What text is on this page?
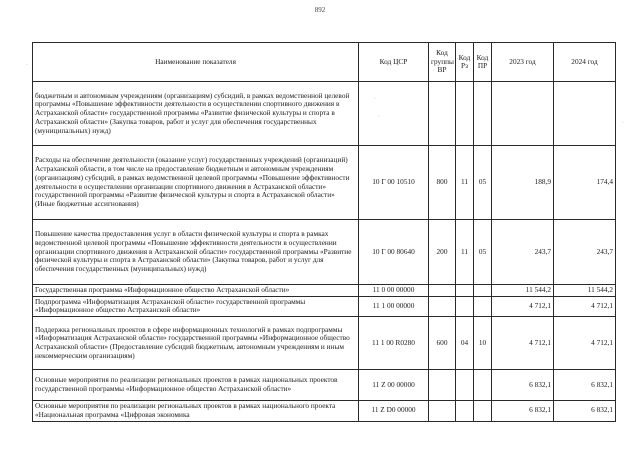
892
Наименование показателя	Код ЦСР	Код группы ВР	Код Рз	Код ПР	2023 год	2024 год
бюджетным и автономным учреждениям (организациям) субсидий, в рамках ведомственной целевой программы «Повышение эффективности деятельности в осуществлении спортивного движения в Астраханской области» государственной программы «Развитие физической культуры и спорта в Астраханской области» (Закупка товаров, работ и услуг для обеспечения государственных (муниципальных) нужд)						
Расходы на обеспечение деятельности (оказание услуг) государственных учреждений (организаций) Астраханской области, в том числе на предоставление бюджетным и автономным учреждениям (организациям) субсидий, в рамках ведомственной целевой программы «Повышение эффективности деятельности в осуществлении организации спортивного движения в Астраханской области» государственной программы «Развитие физической культуры и спорта в Астраханской области» (Иные бюджетные ассигнования)	10 Г 00 10510	800	11	05	188,9	174,4
Повышение качества предоставления услуг в области физической культуры и спорта в рамках ведомственной целевой программы «Повышение эффективности деятельности в осуществлении организации спортивного движения в Астраханской области» государственной программы «Развитие физической культуры и спорта в Астраханской области» (Закупка товаров, работ и услуг для обеспечения государственных (муниципальных) нужд)	10 Г 00 80640	200	11	05	243,7	243,7
Государственная программа «Информационное общество Астраханской области»	11 0 00 00000				11 544,2	11 544,2
Подпрограмма «Информатизация Астраханской области» государственной программы «Информационное общество Астраханской области»	11 1 00 00000				4 712,1	4 712,1
Поддержка региональных проектов в сфере информационных технологий в рамках подпрограммы «Информатизация Астраханской области» государственной программы «Информационное общество Астраханской области» (Предоставление субсидий бюджетным, автономным учреждениям и иным некоммерческим организациям)	11 1 00 R0280	600	04	10	4 712,1	4 712,1
Основные мероприятия по реализации региональных проектов в рамках национальных проектов государственной программы «Информационное общество Астраханской области»	11 Z 00 00000				6 832,1	6 832,1
Основные мероприятия по реализации региональных проектов в рамках национального проекта «Национальная программа «Цифровая экономика	11 Z D0 00000				6 832,1	6 832,1
·
·
·
·
